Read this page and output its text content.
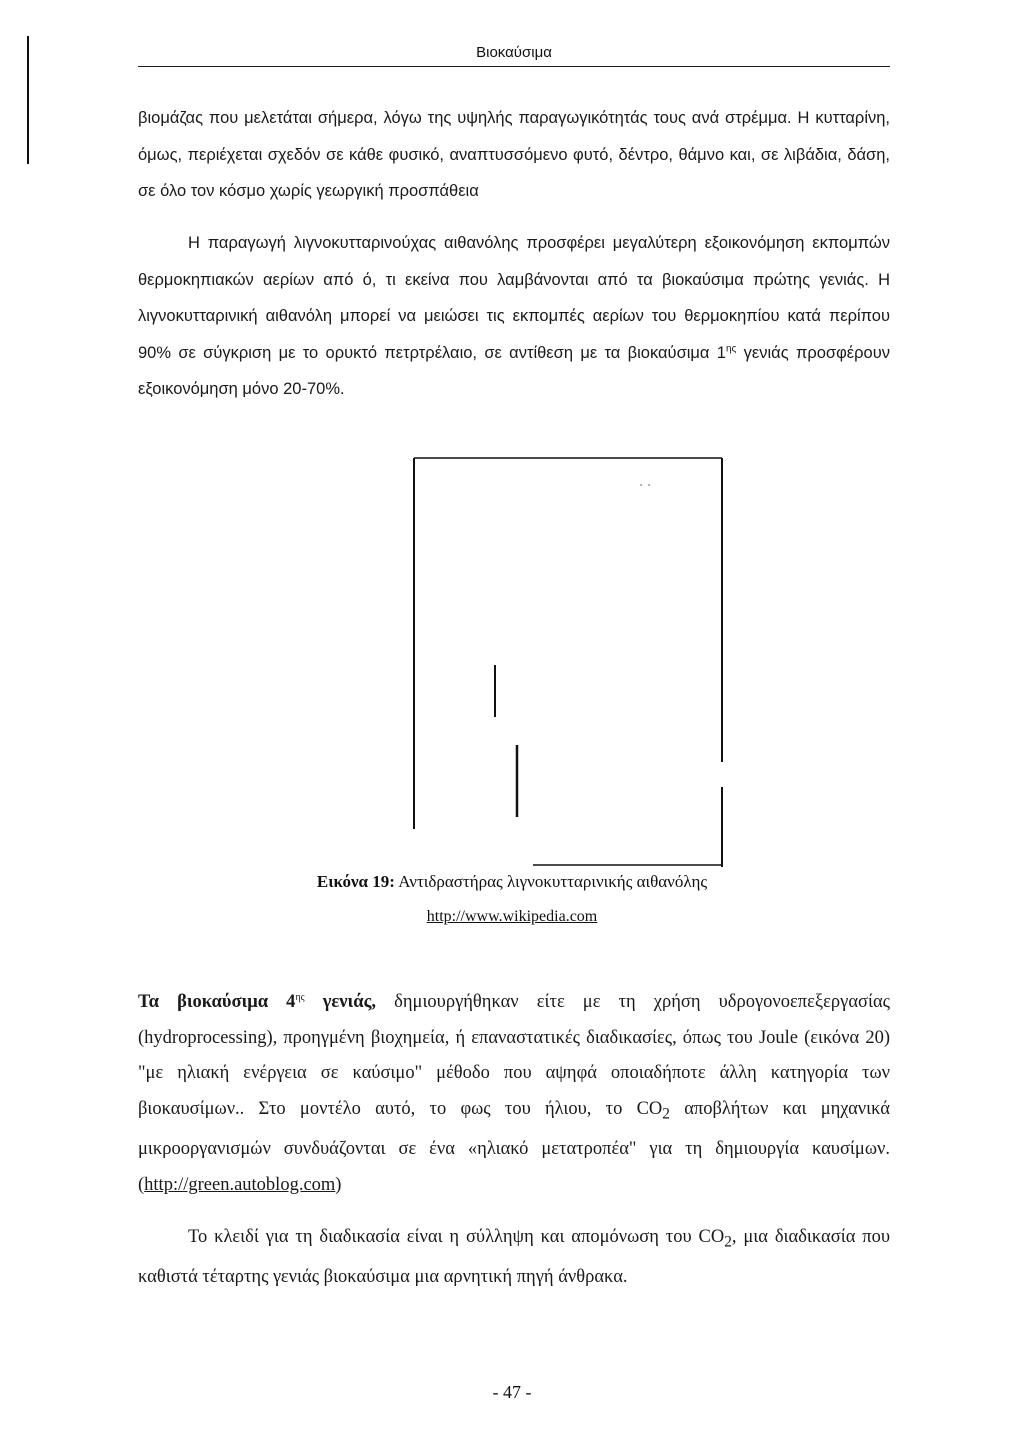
Βιοκαύσιμα

βιομάζας που μελετάται σήμερα, λόγω της υψηλής παραγωγικότητάς τους ανά στρέμμα. Η κυτταρίνη, όμως, περιέχεται σχεδόν σε κάθε φυσικό, αναπτυσσόμενο φυτό, δέντρο, θάμνο και, σε λιβάδια, δάση, σε όλο τον κόσμο χωρίς γεωργική προσπάθεια

Η παραγωγή λιγνοκυτταρινούχας αιθανόλης προσφέρει μεγαλύτερη εξοικονόμηση εκπομπών θερμοκηπιακών αερίων από ό, τι εκείνα που λαμβάνονται από τα βιοκαύσιμα πρώτης γενιάς. Η λιγνοκυτταρινική αιθανόλη μπορεί να μειώσει τις εκπομπές αερίων του θερμοκηπίου κατά περίπου 90% σε σύγκριση με το ορυκτό πετρτρέλαιο, σε αντίθεση με τα βιοκαύσιμα $1^{\eta\varsigma}$ γενιάς προσφέρουν εξοικονόμηση μόνο 20-70%.

Εικόνα 19: Αντιδραστήρας λιγνοκυτταρινικής αιθανόλης
http://www.wikipedia.com

Τα βιοκαύσιμα $4^{\eta\varsigma}$ γενιάς, δημιουργήθηκαν είτε με τη χρήση υδρογονοεπεξεργασίας (hydroprocessing), προηγμένη βιοχημεία, ή επαναστατικές διαδικασίες, όπως του Joule (εικόνα 20) "με ηλιακή ενέργεια σε καύσιμο" μέθοδο που αψηφά οποιαδήποτε άλλη κατηγορία των βιοκαυσίμων.. Στο μοντέλο αυτό, το φως του ήλιου, το $CO_2$ αποβλήτων και μηχανικά μικροοργανισμών συνδυάζονται σε ένα «ηλιακό μετατροπέα" για τη δημιουργία καυσίμων. (http://green.autoblog.com)

Το κλειδί για τη διαδικασία είναι η σύλληψη και απομόνωση του $CO_2$, μια διαδικασία που καθιστά τέταρτης γενιάς βιοκαύσιμα μια αρνητική πηγή άνθρακα.

- 47 -
